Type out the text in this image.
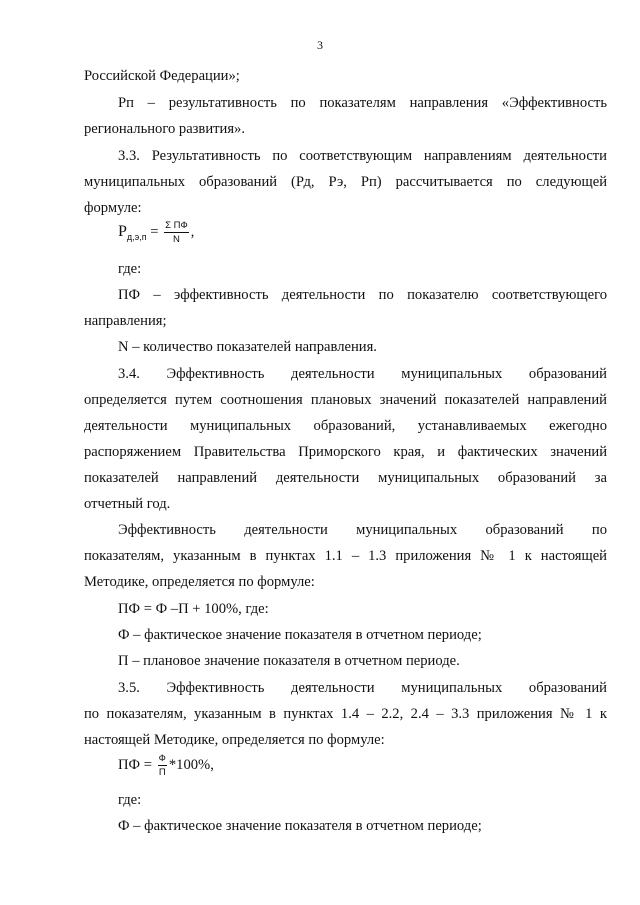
3
Российской Федерации»;
Рп – результативность по показателям направления «Эффективность
регионального развития».
3.3. Результативность по соответствующим направлениям деятельности
муниципальных образований (Рд, Рэ, Рп) рассчитывается по следующей
формуле:
$Р_{д,э,п} = \frac{\text{Σ ПФ}}{N}$ ,
где:
ПФ – эффективность деятельности по показателю соответствующего
направления;
N – количество показателей направления.
3.4. Эффективность деятельности муниципальных образований
определяется путем соотношения плановых значений показателей направлений
деятельности муниципальных образований, устанавливаемых ежегодно
распоряжением Правительства Приморского края, и фактических значений
показателей направлений деятельности муниципальных образований за
отчетный год.
Эффективность деятельности муниципальных образований по
показателям, указанным в пунктах 1.1 – 1.3 приложения № 1 к настоящей
Методике, определяется по формуле:
ПФ = Ф –П + 100%, где:
Ф – фактическое значение показателя в отчетном периоде;
П – плановое значение показателя в отчетном периоде.
3.5. Эффективность деятельности муниципальных образований
по показателям, указанным в пунктах 1.4 – 2.2, 2.4 – 3.3 приложения № 1 к
настоящей Методике, определяется по формуле:
ПФ = $\frac{Ф}{П} *100\%$,
где:
Ф – фактическое значение показателя в отчетном периоде;
